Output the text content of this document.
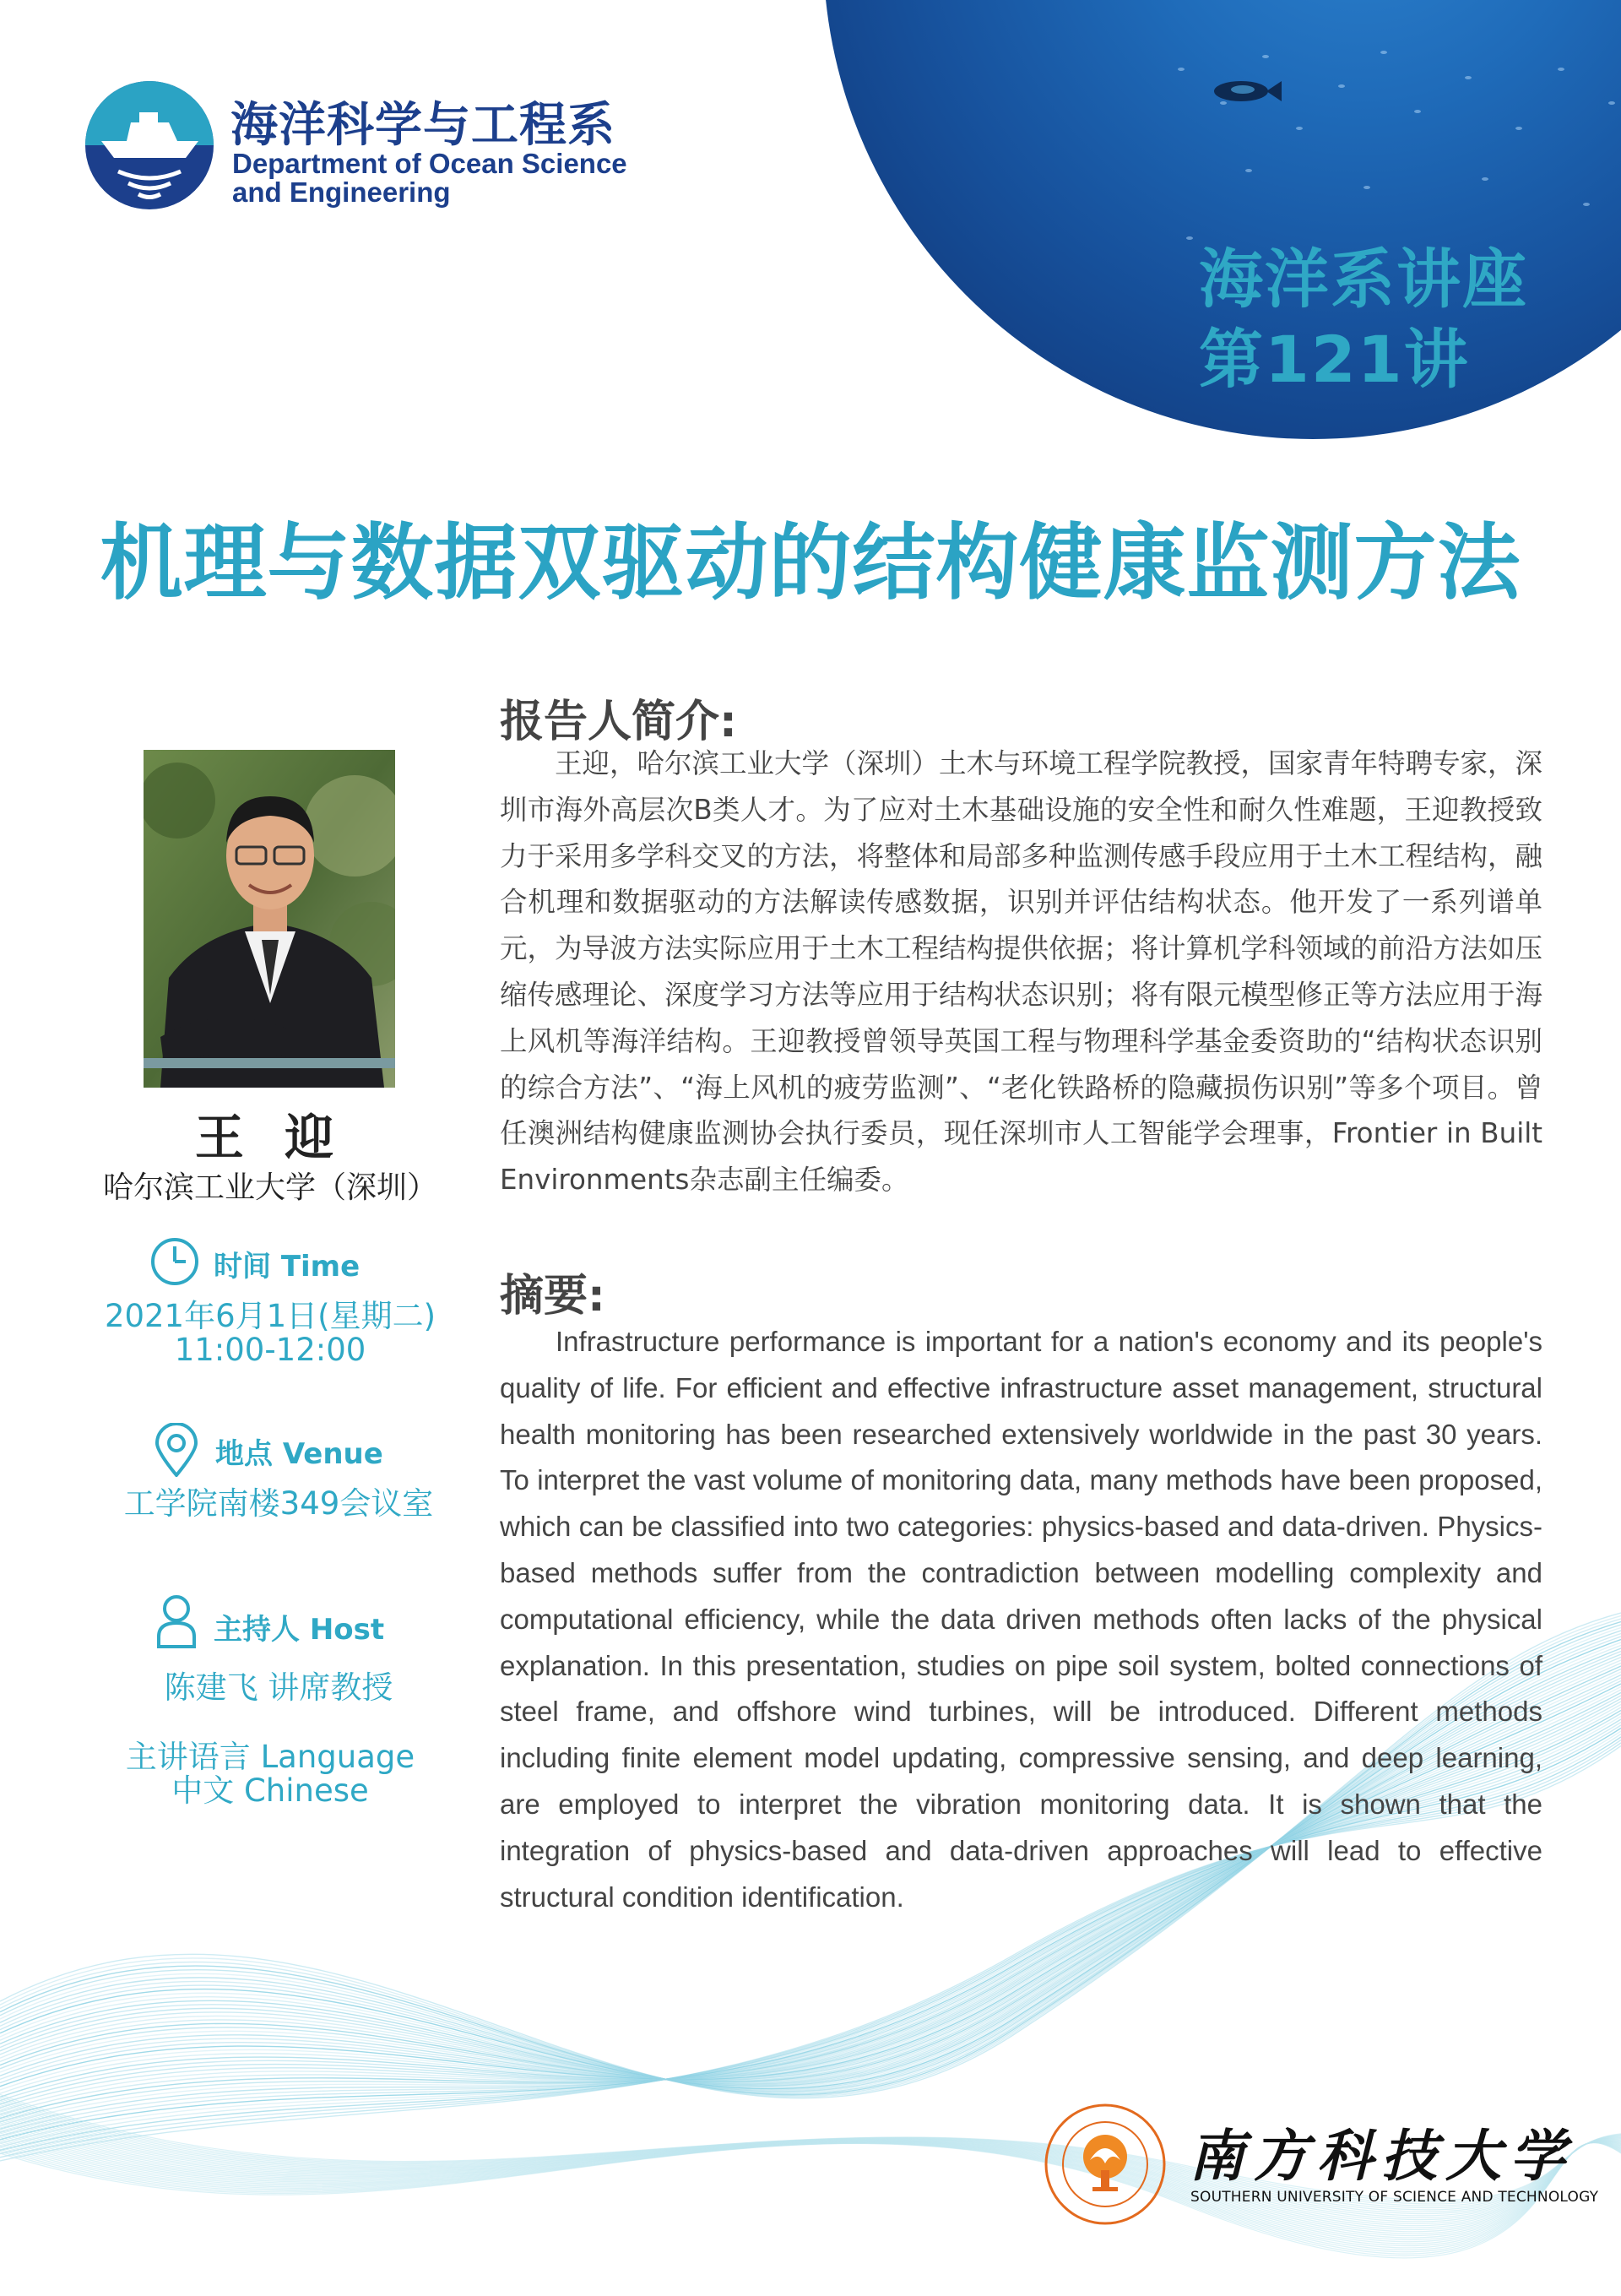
海洋科学与工程系
Department of Ocean Science
and Engineering
海洋系讲座
第121讲
机理与数据双驱动的结构健康监测方法
王 迎
哈尔滨工业大学（深圳）
时间 Time
2021年6月1日(星期二)
11:00-12:00
地点 Venue
工学院南楼349会议室
主持人 Host
陈建飞 讲席教授
主讲语言 Language
中文 Chinese
报告人简介:
王迎，哈尔滨工业大学（深圳）土木与环境工程学院教授，国家青年特聘专家，深圳市海外高层次B类人才。为了应对土木基础设施的安全性和耐久性难题，王迎教授致力于采用多学科交叉的方法，将整体和局部多种监测传感手段应用于土木工程结构，融合机理和数据驱动的方法解读传感数据，识别并评估结构状态。他开发了一系列谱单元，为导波方法实际应用于土木工程结构提供依据；将计算机学科领域的前沿方法如压缩传感理论、深度学习方法等应用于结构状态识别；将有限元模型修正等方法应用于海上风机等海洋结构。王迎教授曾领导英国工程与物理科学基金委资助的“结构状态识别的综合方法”、“海上风机的疲劳监测”、“老化铁路桥的隐藏损伤识别”等多个项目。曾任澳洲结构健康监测协会执行委员，现任深圳市人工智能学会理事，Frontier in Built Environments杂志副主任编委。
摘要:
Infrastructure performance is important for a nation's economy and its people's quality of life. For efficient and effective infrastructure asset management, structural health monitoring has been researched extensively worldwide in the past 30 years. To interpret the vast volume of monitoring data, many methods have been proposed, which can be classified into two categories: physics-based and data-driven. Physics-based methods suffer from the contradiction between modelling complexity and computational efficiency, while the data driven methods often lacks of the physical explanation. In this presentation, studies on pipe soil system, bolted connections of steel frame, and offshore wind turbines, will be introduced. Different methods including finite element model updating, compressive sensing, and deep learning, are employed to interpret the vibration monitoring data. It is shown that the integration of physics-based and data-driven approaches will lead to effective structural condition identification.
南方科技大学
SOUTHERN UNIVERSITY OF SCIENCE AND TECHNOLOGY
